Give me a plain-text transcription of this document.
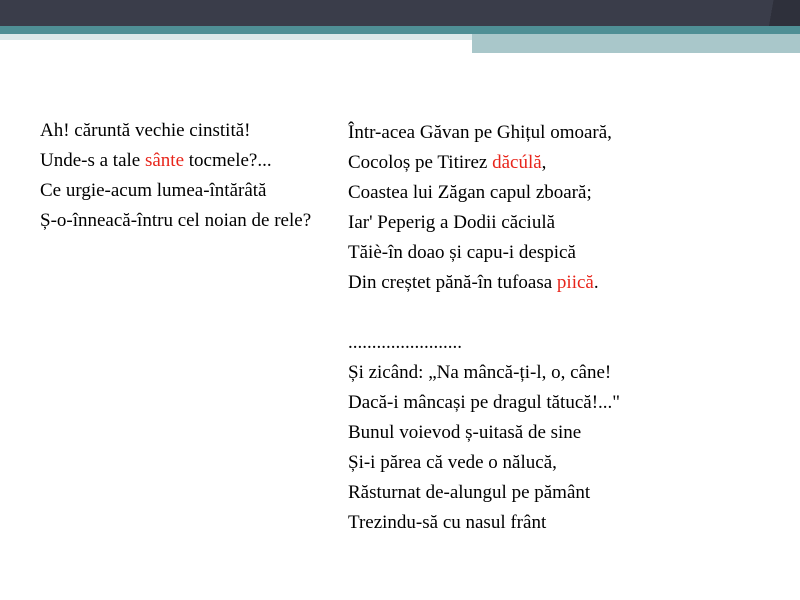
Ah! căruntă vechie cinstită!
Unde-s a tale sânte tocmele?...
Ce urgie-acum lumea-întărâtă
Ș-o-înneacă-întru cel noian de rele?
Într-acea Găvan pe Ghițul omoară,
Cocoloș pe Titirez dăcúlă,
Coastea lui Zăgan capul zboară;
Iar' Peperig a Dodii căciulă
Tăiè-în doao și capu-i despică
Din creștet pănă-în tufoasa piică.
........................
Și zicând: „Na mâncă-ți-l, o, câne!
Dacă-i mâncași pe dragul tătucă!..."
Bunul voievod ș-uitasă de sine
Și-i părea că vede o nălucă,
Răsturnat de-alungul pe pământ
Trezindu-să cu nasul frânt
